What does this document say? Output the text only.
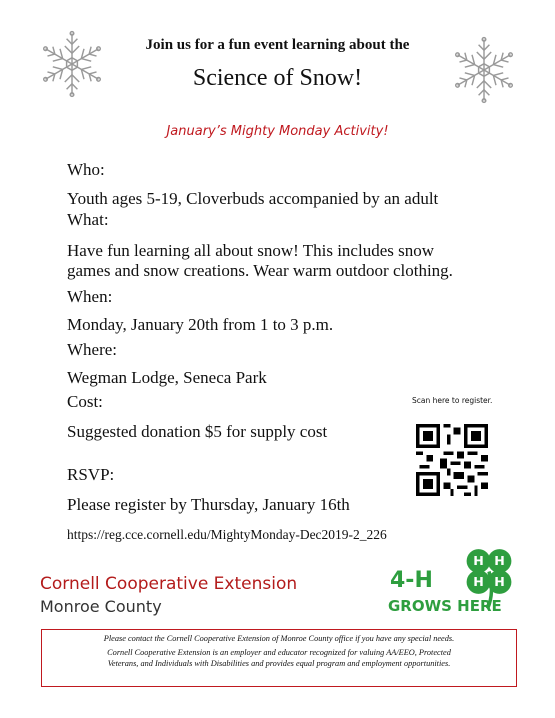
Join us for a fun event learning about the
Science of Snow!
January’s Mighty Monday Activity!
Who:
Youth ages 5-19, Cloverbuds accompanied by an adult
What:
Have fun learning all about snow! This includes snow
games and snow creations. Wear warm outdoor clothing.
When:
Monday, January 20th from 1 to 3 p.m.
Where:
Wegman Lodge, Seneca Park
Cost:
Suggested donation $5 for supply cost
RSVP:
Please register by Thursday, January 16th
https://reg.cce.cornell.edu/MightyMonday-Dec2019-2_226
Scan here to register.
Cornell Cooperative Extension
Monroe County
H H
H H
4-H
GROWS HERE
Please contact the Cornell Cooperative Extension of Monroe County office if you have any special needs.
Cornell Cooperative Extension is an employer and educator recognized for valuing AA/EEO, Protected
Veterans, and Individuals with Disabilities and provides equal program and employment opportunities.
